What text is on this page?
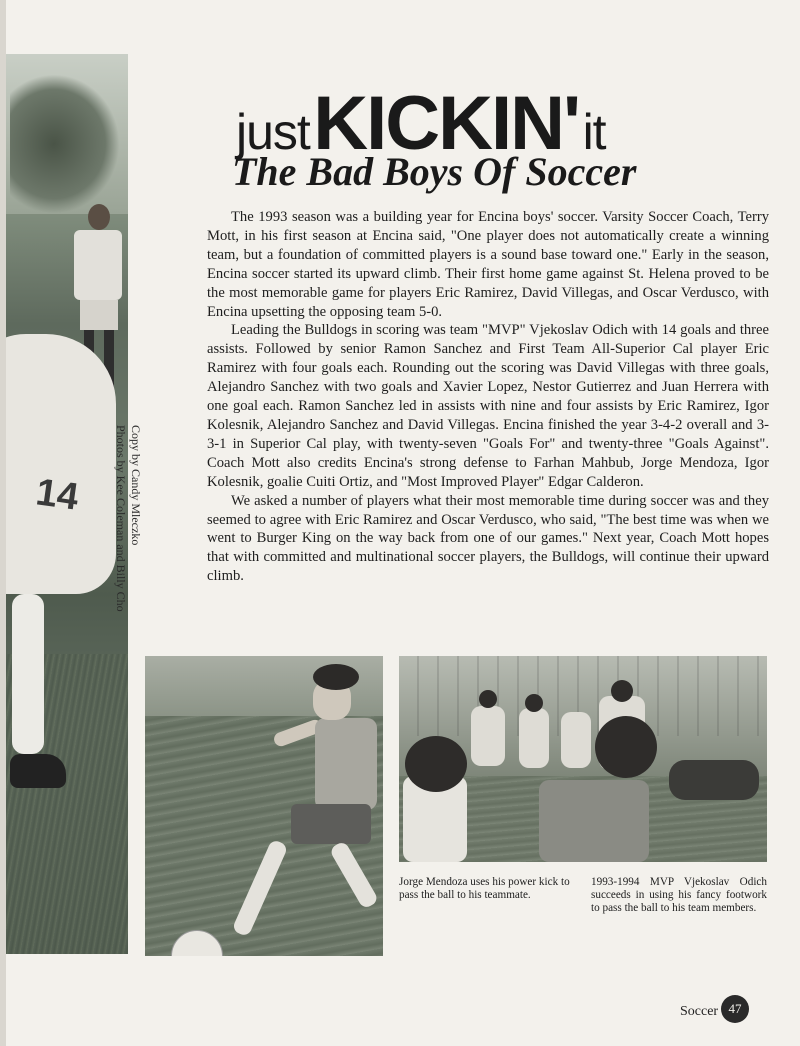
14	Copy by Candy Mleczko
Photos by Kee Coleman and Billy Cho
just KICKIN' it
The Bad Boys Of Soccer

The 1993 season was a building year for Encina boys' soccer. Varsity Soccer Coach, Terry Mott, in his first season at Encina said, "One player does not automatically create a winning team, but a foundation of committed players is a sound base toward one." Early in the season, Encina soccer started its upward climb. Their first home game against St. Helena proved to be the most memorable game for players Eric Ramirez, David Villegas, and Oscar Verdusco, with Encina upsetting the opposing team 5-0.

Leading the Bulldogs in scoring was team "MVP" Vjekoslav Odich with 14 goals and three assists. Followed by senior Ramon Sanchez and First Team All-Superior Cal player Eric Ramirez with four goals each. Rounding out the scoring was David Villegas with three goals, Alejandro Sanchez with two goals and Xavier Lopez, Nestor Gutierrez and Juan Herrera with one goal each. Ramon Sanchez led in assists with nine and four assists by Eric Ramirez, Igor Kolesnik, Alejandro Sanchez and David Villegas. Encina finished the year 3-4-2 overall and 3-3-1 in Superior Cal play, with twenty-seven "Goals For" and twenty-three "Goals Against". Coach Mott also credits Encina's strong defense to Farhan Mahbub, Jorge Mendoza, Igor Kolesnik, goalie Cuiti Ortiz, and "Most Improved Player" Edgar Calderon.

We asked a number of players what their most memorable time during soccer was and they seemed to agree with Eric Ramirez and Oscar Verdusco, who said, "The best time was when we went to Burger King on the way back from one of our games." Next year, Coach Mott hopes that with committed and multinational soccer players, the Bulldogs, will continue their upward climb.

Jorge Mendoza uses his power kick to pass the ball to his teammate.
1993-1994 MVP Vjekoslav Odich succeeds in using his fancy footwork to pass the ball to his team members.
Soccer 47
